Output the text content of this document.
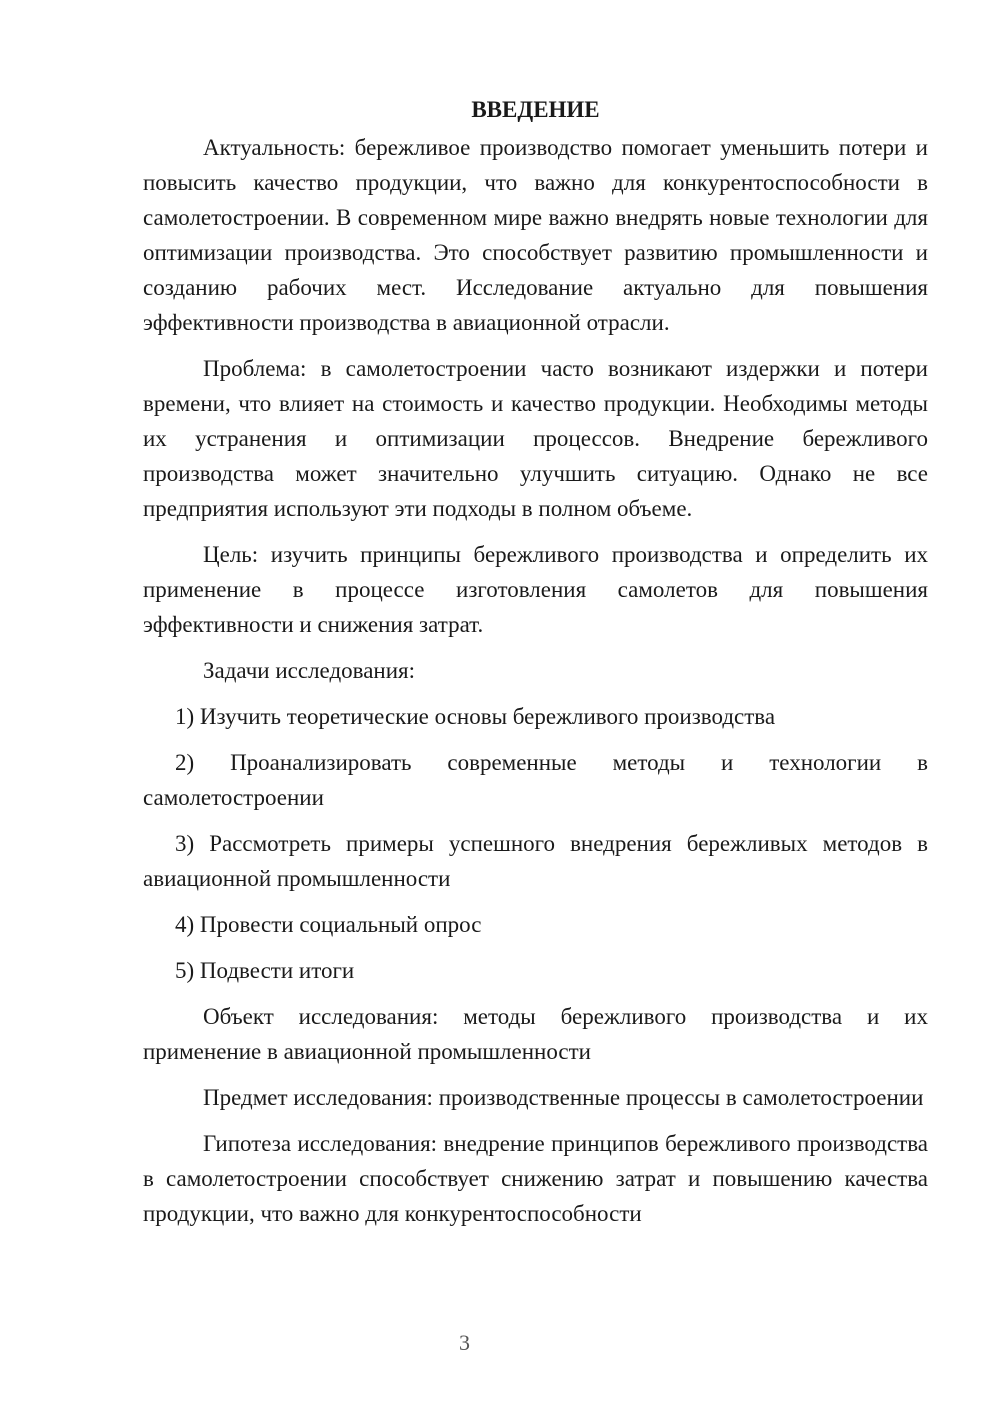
ВВЕДЕНИЕ

Актуальность: бережливое производство помогает уменьшить потери и повысить качество продукции, что важно для конкурентоспособности в самолетостроении. В современном мире важно внедрять новые технологии для оптимизации производства. Это способствует развитию промышленности и созданию рабочих мест. Исследование актуально для повышения эффективности производства в авиационной отрасли.

Проблема: в самолетостроении часто возникают издержки и потери времени, что влияет на стоимость и качество продукции. Необходимы методы их устранения и оптимизации процессов. Внедрение бережливого производства может значительно улучшить ситуацию. Однако не все предприятия используют эти подходы в полном объеме.

Цель: изучить принципы бережливого производства и определить их применение в процессе изготовления самолетов для повышения эффективности и снижения затрат.

Задачи исследования:

1) Изучить теоретические основы бережливого производства

2) Проанализировать современные методы и технологии в самолетостроении

3) Рассмотреть примеры успешного внедрения бережливых методов в авиационной промышленности

4) Провести социальный опрос

5) Подвести итоги

Объект исследования: методы бережливого производства и их применение в авиационной промышленности

Предмет исследования: производственные процессы в самолетостроении

Гипотеза исследования: внедрение принципов бережливого производства в самолетостроении способствует снижению затрат и повышению качества продукции, что важно для конкурентоспособности

3
